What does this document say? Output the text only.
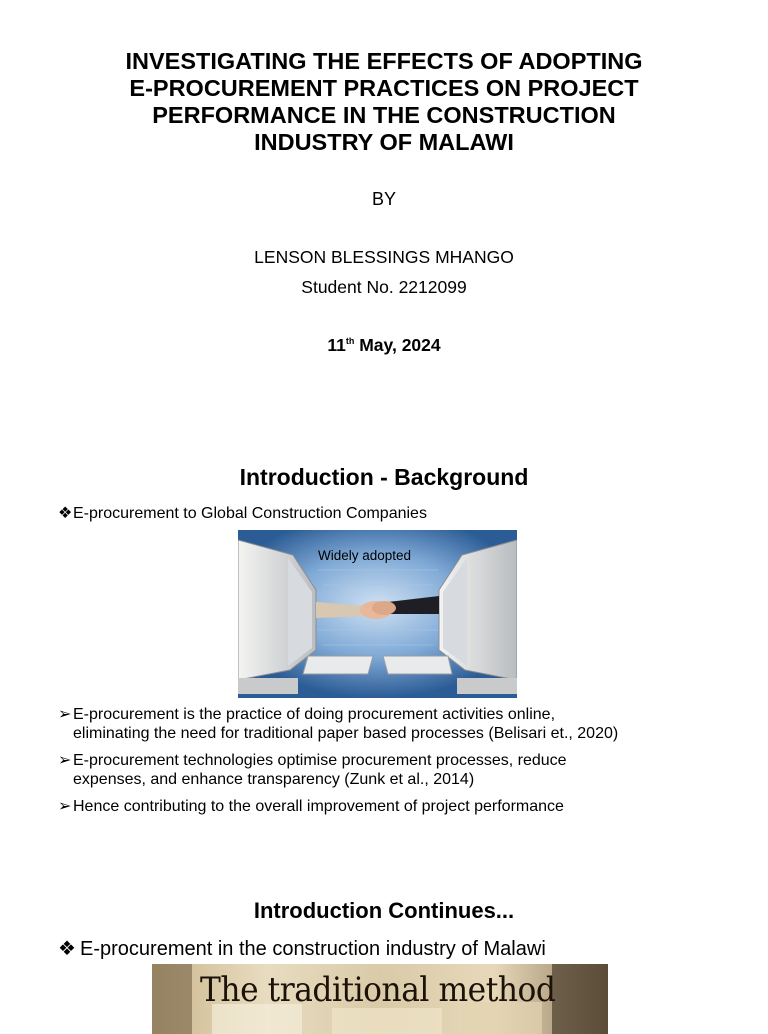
INVESTIGATING THE EFFECTS OF ADOPTING
E-PROCUREMENT PRACTICES ON PROJECT
PERFORMANCE IN THE CONSTRUCTION
INDUSTRY OF MALAWI
BY
LENSON BLESSINGS MHANGO
Student No. 2212099
11th May, 2024
Introduction - Background
❖E-procurement to Global Construction Companies
Widely adopted
➢ E-procurement is the practice of doing procurement activities online,
eliminating the need for traditional paper based processes (Belisari et., 2020)
➢ E-procurement technologies optimise procurement processes, reduce
expenses, and enhance transparency (Zunk et al., 2014)
➢ Hence contributing to the overall improvement of project performance
Introduction Continues...
❖ E-procurement in the construction industry of Malawi
The traditional method
